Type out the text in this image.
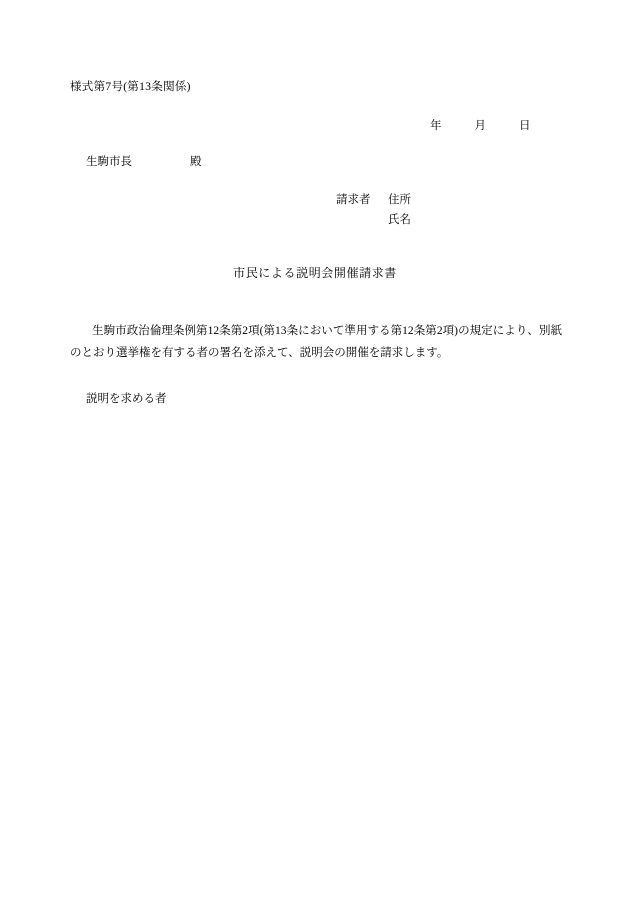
様式第7号(第13条関係)
年	月	日
生駒市長	殿
請求者 住所
氏名
市民による説明会開催請求書
生駒市政治倫理条例第12条第2項(第13条において準用する第12条第2項)の規定により、別紙のとおり選挙権を有する者の署名を添えて、説明会の開催を請求します。
説明を求める者
